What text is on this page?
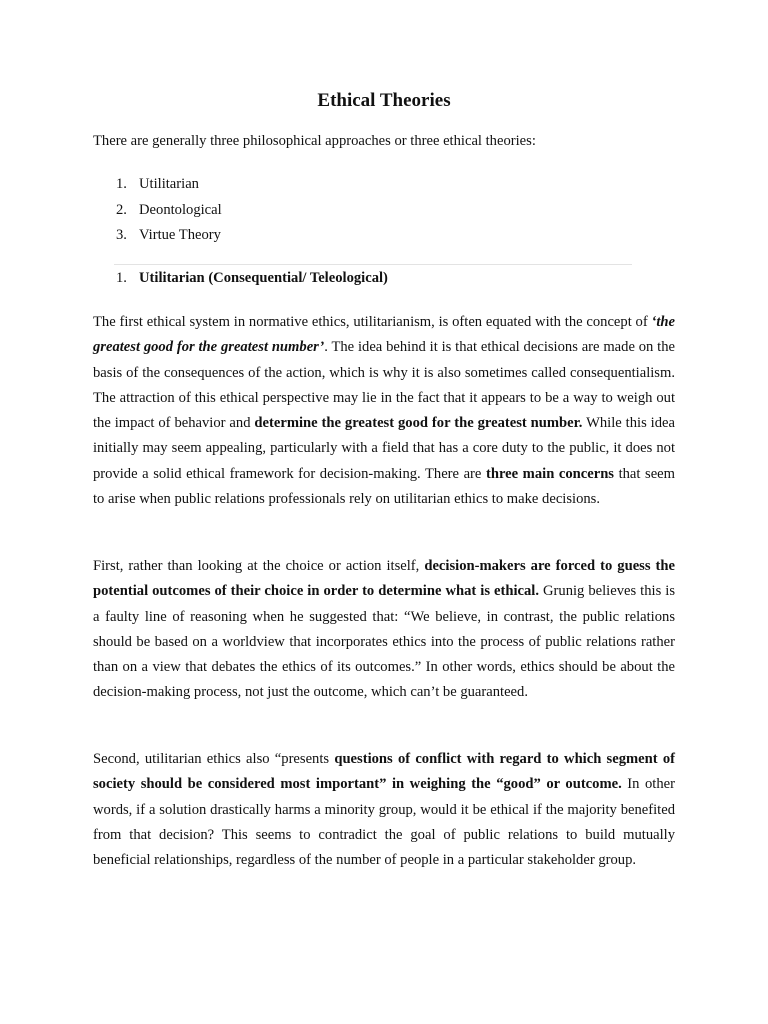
Ethical Theories

There are generally three philosophical approaches or three ethical theories:

1. Utilitarian
2. Deontological
3. Virtue Theory
1. Utilitarian (Consequential/ Teleological)

The first ethical system in normative ethics, utilitarianism, is often equated with the concept of ‘the greatest good for the greatest number’. The idea behind it is that ethical decisions are made on the basis of the consequences of the action, which is why it is also sometimes called consequentialism. The attraction of this ethical perspective may lie in the fact that it appears to be a way to weigh out the impact of behavior and determine the greatest good for the greatest number. While this idea initially may seem appealing, particularly with a field that has a core duty to the public, it does not provide a solid ethical framework for decision-making. There are three main concerns that seem to arise when public relations professionals rely on utilitarian ethics to make decisions.

First, rather than looking at the choice or action itself, decision-makers are forced to guess the potential outcomes of their choice in order to determine what is ethical. Grunig believes this is a faulty line of reasoning when he suggested that: “We believe, in contrast, the public relations should be based on a worldview that incorporates ethics into the process of public relations rather than on a view that debates the ethics of its outcomes.” In other words, ethics should be about the decision-making process, not just the outcome, which can’t be guaranteed.

Second, utilitarian ethics also “presents questions of conflict with regard to which segment of society should be considered most important” in weighing the “good” or outcome. In other words, if a solution drastically harms a minority group, would it be ethical if the majority benefited from that decision? This seems to contradict the goal of public relations to build mutually beneficial relationships, regardless of the number of people in a particular stakeholder group.
